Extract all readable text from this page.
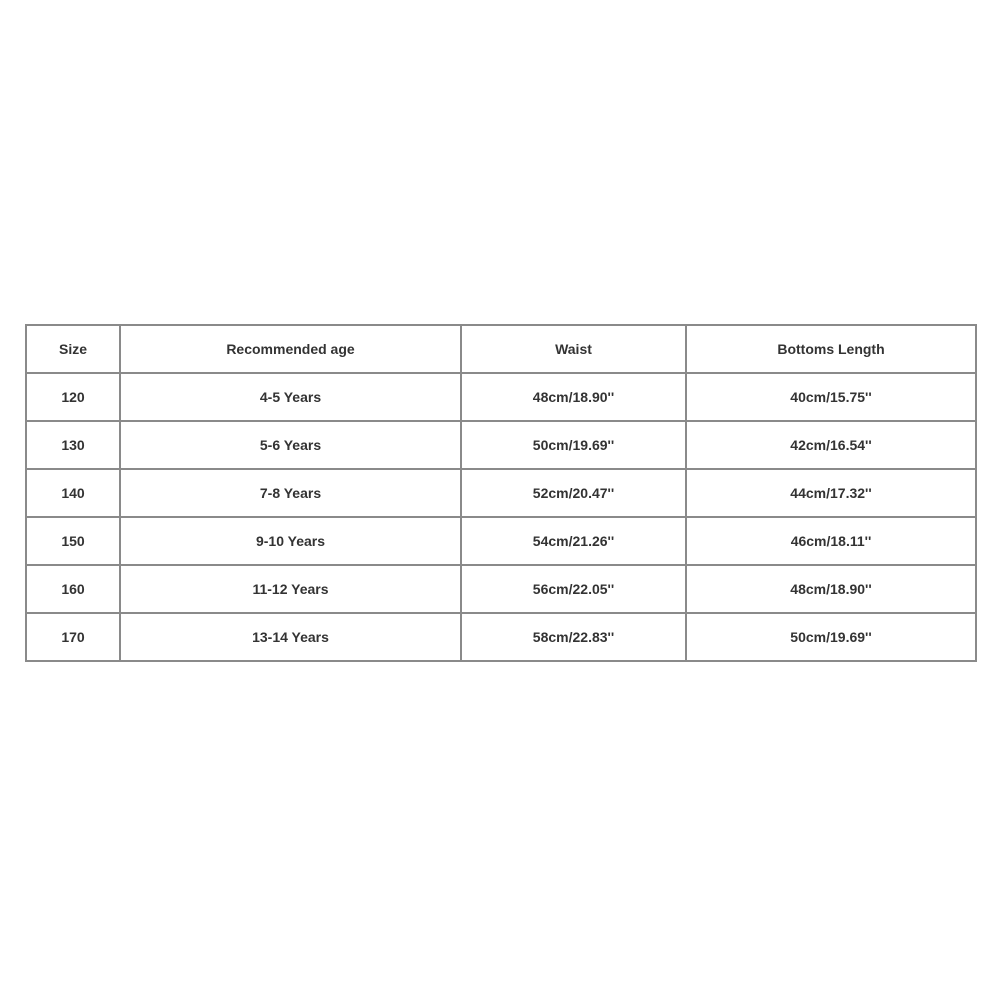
Size	Recommended age	Waist	Bottoms Length
120	4-5 Years	48cm/18.90''	40cm/15.75''
130	5-6 Years	50cm/19.69''	42cm/16.54''
140	7-8 Years	52cm/20.47''	44cm/17.32''
150	9-10 Years	54cm/21.26''	46cm/18.11''
160	11-12 Years	56cm/22.05''	48cm/18.90''
170	13-14 Years	58cm/22.83''	50cm/19.69''
